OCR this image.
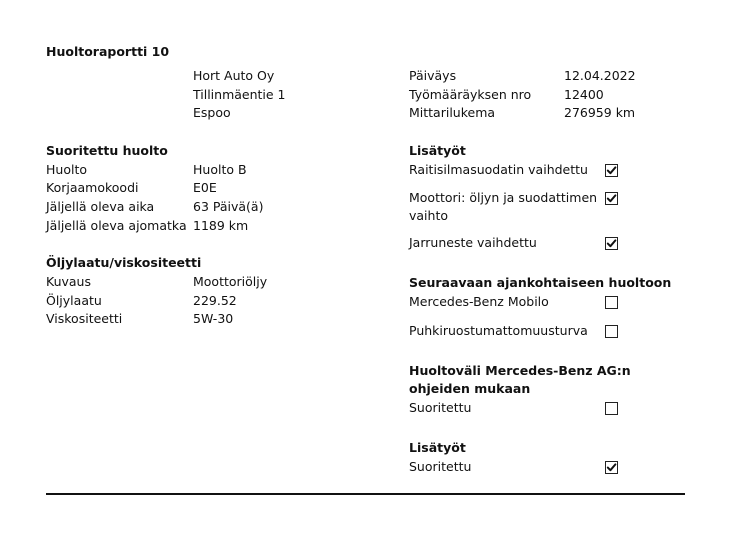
Huoltoraportti 10
Hort Auto Oy
Tillinmäentie 1
Espoo
Päiväys	12.04.2022
Työmääräyksen nro	12400
Mittarilukema	276959 km
Suoritettu huolto
Huolto	Huolto B
Korjaamokoodi	E0E
Jäljellä oleva aika	63 Päivä(ä)
Jäljellä oleva ajomatka 1189 km
Öljylaatu/viskositeetti
Kuvaus	Moottoriöljy
Öljylaatu	229.52
Viskositeetti	5W-30
Lisätyöt
Raitisilmasuodatin vaihdettu
Moottori: öljyn ja suodattimen vaihto
Jarruneste vaihdettu
Seuraavaan ajankohtaiseen huoltoon
Mercedes-Benz Mobilo
Puhkiruostumattomuusturva
Huoltoväli Mercedes-Benz AG:n ohjeiden mukaan
Suoritettu
Lisätyöt
Suoritettu
